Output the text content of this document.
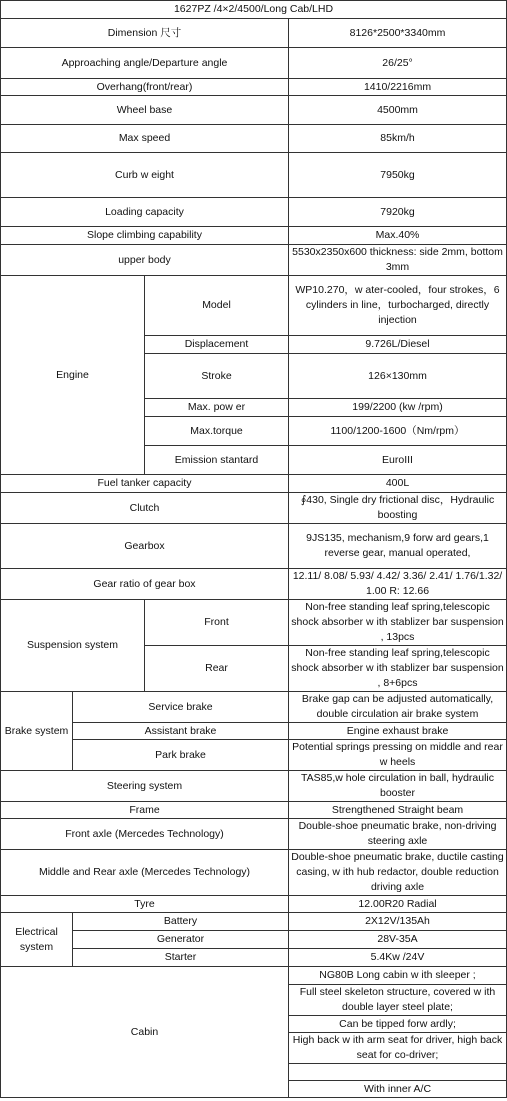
1627PZ /4×2/4500/Long Cab/LHD			
Dimension 尺寸			8126*2500*3340mm
Approaching angle/Departure angle			26/25°
Overhang(front/rear)			1410/2216mm
Wheel base			4500mm
Max speed			85km/h
Curb w eight			7950kg
Loading capacity			7920kg
Slope climbing capability			Max.40%
upper body			5530x2350x600 thickness: side 2mm, bottom 3mm
Engine		Model	WP10.270，w ater-cooled，four strokes，6 cylinders in line，turbocharged, directly injection
		Displacement	9.726L/Diesel
		Stroke	126×130mm
		Max. pow er	199/2200 (kw /rpm)
		Max.torque	1100/1200-1600（Nm/rpm）
		Emission stantard	EuroIII
Fuel tanker capacity			400L
Clutch			∮430, Single dry frictional disc，Hydraulic boosting
Gearbox			9JS135, mechanism,9 forw ard gears,1 reverse gear, manual operated,
Gear ratio of gear box			12.11/ 8.08/ 5.93/ 4.42/ 3.36/ 2.41/ 1.76/1.32/ 1.00 R: 12.66
Suspension system		Front	Non-free standing leaf spring,telescopic shock absorber w ith stablizer bar suspension , 13pcs
		Rear	Non-free standing leaf spring,telescopic shock absorber w ith stablizer bar suspension , 8+6pcs
Brake system	Service brake		Brake gap can be adjusted automatically, double circulation air brake system
	Assistant brake		Engine exhaust brake
	Park brake		Potential springs pressing on middle and rear w heels
Steering system			TAS85,w hole circulation in ball, hydraulic booster
Frame			Strengthened Straight beam
Front axle (Mercedes Technology)			Double-shoe pneumatic brake, non-driving steering axle
Middle and Rear axle (Mercedes Technology)			Double-shoe pneumatic brake, ductile casting casing, w ith hub redactor, double reduction driving axle
Tyre			12.00R20 Radial
Electrical system	Battery		2X12V/135Ah
	Generator		28V-35A
	Starter		5.4Kw /24V
Cabin			NG80B Long cabin w ith sleeper ;
			Full steel skeleton structure, covered w ith double layer steel plate;
			Can be tipped forw ardly;
			High back w ith arm seat for driver, high back seat for co-driver;

			With inner A/C
